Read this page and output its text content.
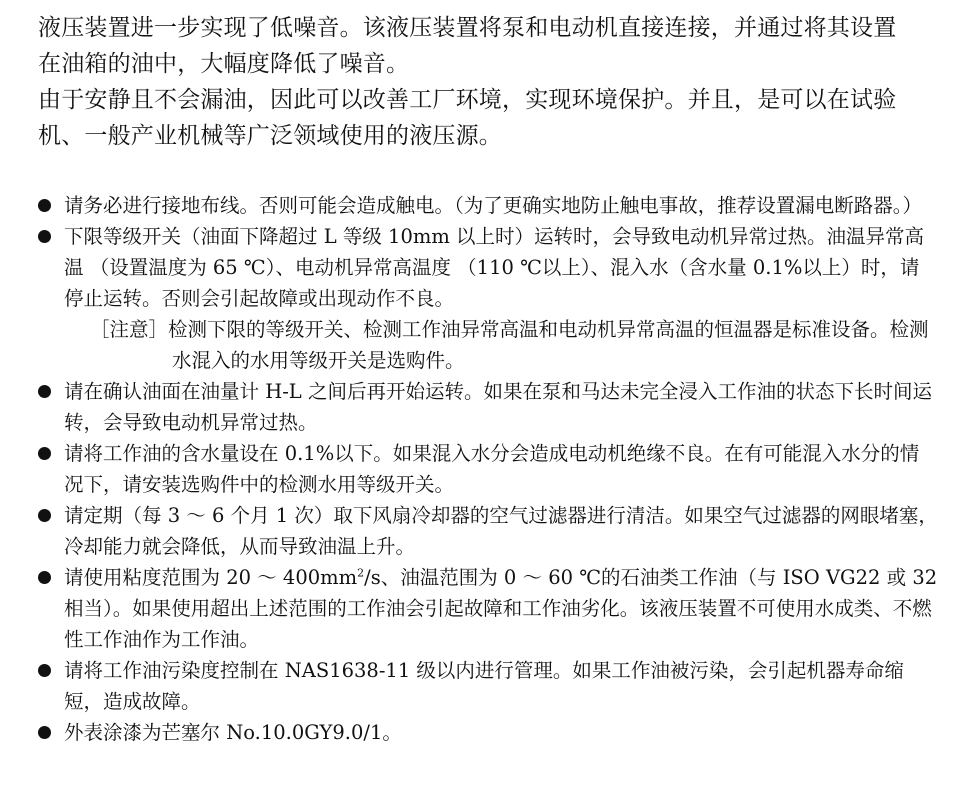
液压装置进一步实现了低噪音。该液压装置将泵和电动机直接连接，并通过将其设置在油箱的油中，大幅度降低了噪音。

由于安静且不会漏油，因此可以改善工厂环境，实现环境保护。并且，是可以在试验机、一般产业机械等广泛领域使用的液压源。

请务必进行接地布线。否则可能会造成触电。（为了更确实地防止触电事故，推荐设置漏电断路器。）
下限等级开关（油面下降超过 L 等级 10mm 以上时）运转时，会导致电动机异常过热。油温异常高温 （设置温度为 65 ℃）、电动机异常高温度 （110 ℃以上）、混入水（含水量 0.1%以上）时，请停止运转。否则会引起故障或出现动作不良。
［注意］检测下限的等级开关、检测工作油异常高温和电动机异常高温的恒温器是标准设备。检测水混入的水用等级开关是选购件。
请在确认油面在油量计 H-L 之间后再开始运转。如果在泵和马达未完全浸入工作油的状态下长时间运转，会导致电动机异常过热。
请将工作油的含水量设在 0.1%以下。如果混入水分会造成电动机绝缘不良。在有可能混入水分的情况下，请安装选购件中的检测水用等级开关。
请定期（每 3 ～ 6 个月 1 次）取下风扇冷却器的空气过滤器进行清洁。如果空气过滤器的网眼堵塞，冷却能力就会降低，从而导致油温上升。
请使用粘度范围为 20 ～ $400mm^2/s$、油温范围为 0 ～ 60 ℃的石油类工作油（与 ISO VG22 或 32 相当）。如果使用超出上述范围的工作油会引起故障和工作油劣化。该液压装置不可使用水成类、不燃性工作油作为工作油。
请将工作油污染度控制在 NAS1638-11 级以内进行管理。如果工作油被污染，会引起机器寿命缩短，造成故障。
外表涂漆为芒塞尔 No.10.0GY9.0/1。
